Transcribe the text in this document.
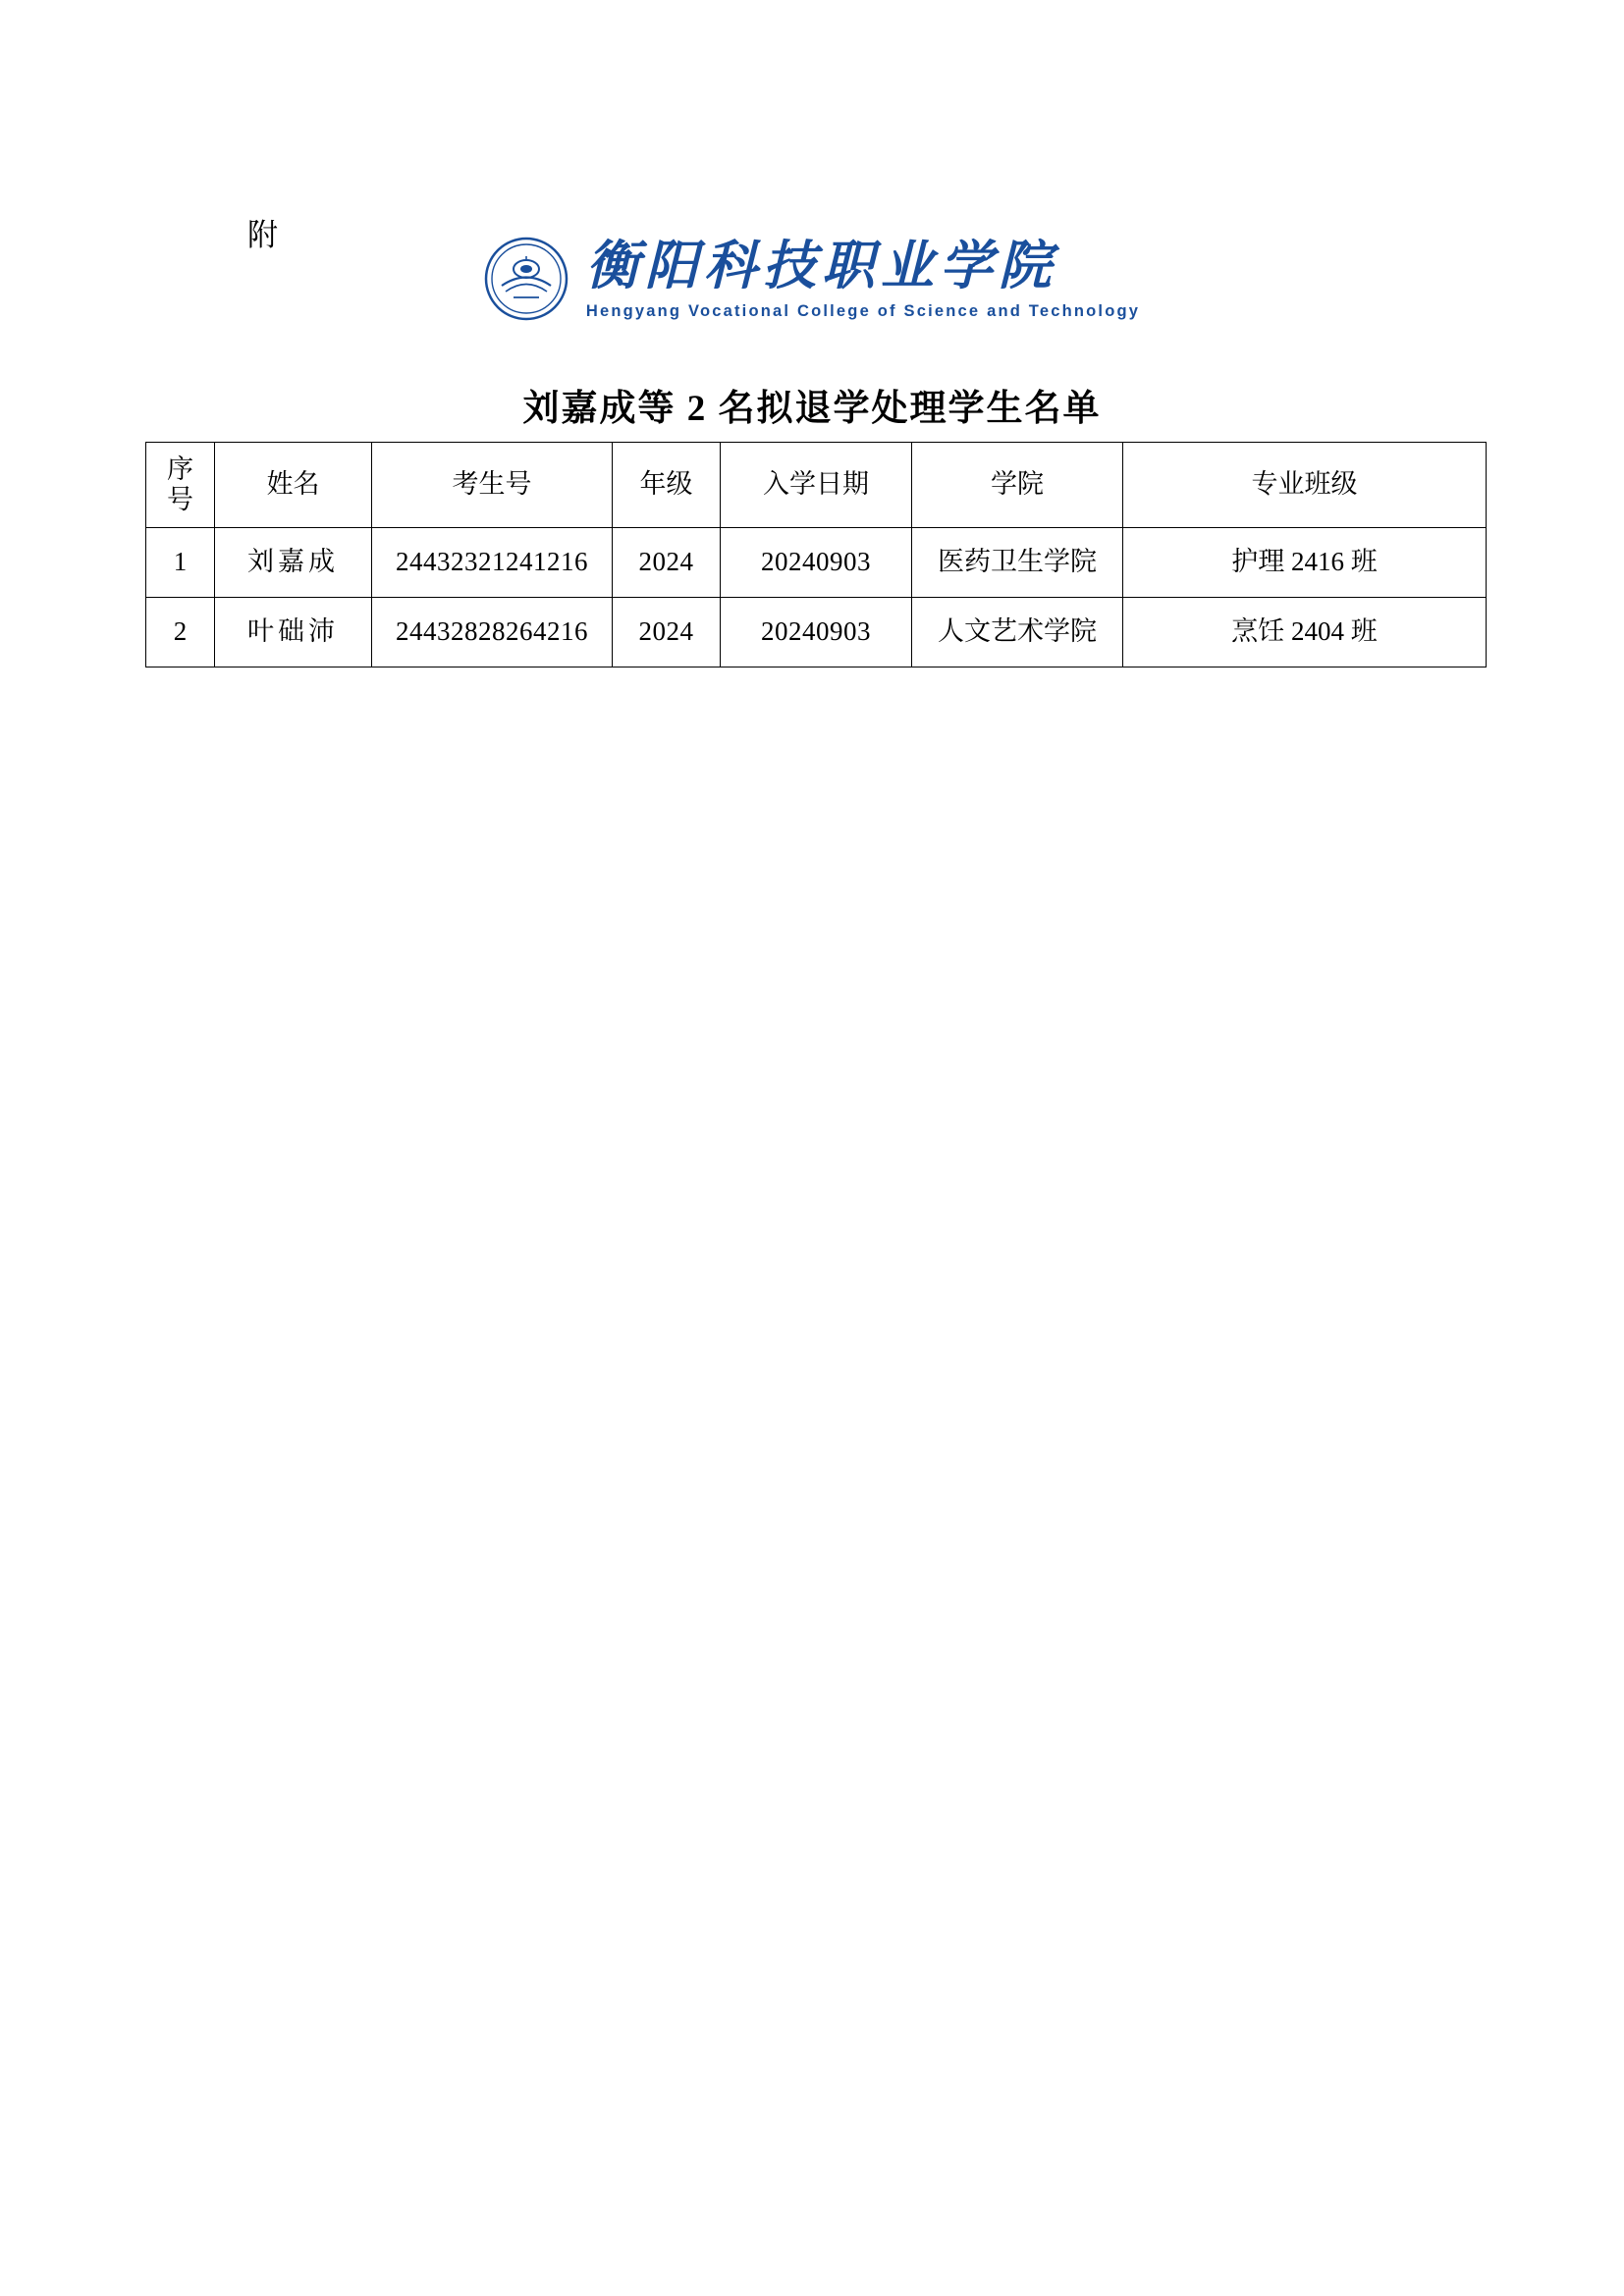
附
衡阳科技职业学院
Hengyang Vocational College of Science and Technology
刘嘉成等 2 名拟退学处理学生名单
序
号	姓名	考生号	年级	入学日期	学院	专业班级
1	刘嘉成	24432321241216	2024	20240903	医药卫生学院	护理 2416 班
2	叶础沛	24432828264216	2024	20240903	人文艺术学院	烹饪 2404 班
